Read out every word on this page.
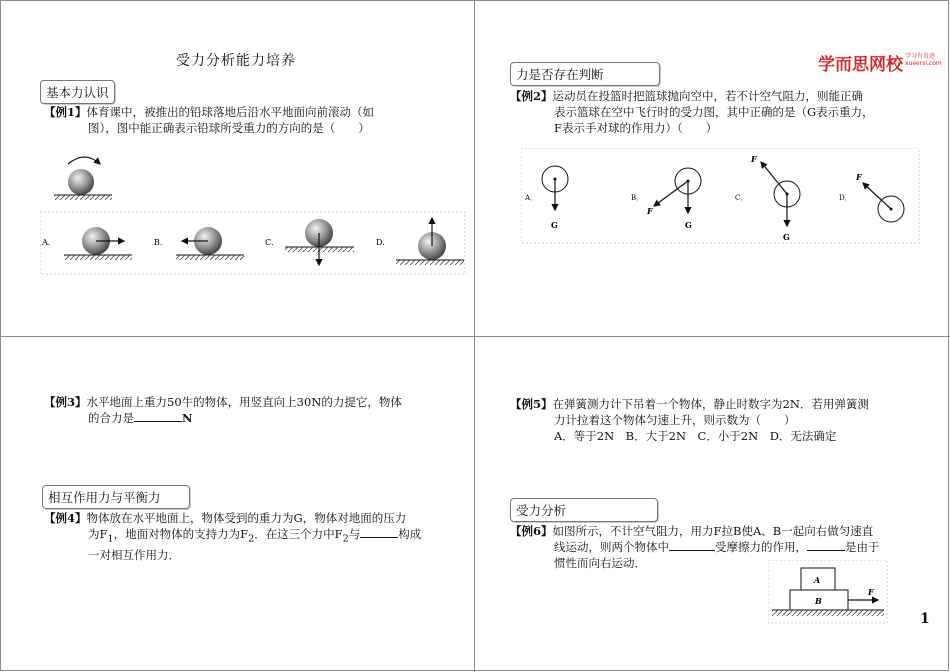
受力分析能力培养
基本力认识
【例1】体育课中，被推出的铅球落地后沿水平地面向前滚动（如
图），图中能正确表示铅球所受重力的方向的是（　　）
A．	B．	C．	D．
学而思网校 学习有奇迹
xueersi.com
力是否存在判断
【例2】运动员在投篮时把篮球抛向空中，若不计空气阻力，则能正确
表示篮球在空中飞行时的受力图，其中正确的是（G表示重力，
F表示手对球的作用力）（　　）
G
F
G
F
G
F
A．	B．	C．	D．
【例3】水平地面上重力50牛的物体，用竖直向上30N的力提它，物体
的合力是	N
相互作用力与平衡力
【例4】物体放在水平地面上，物体受到的重力为G，物体对地面的压力
为$F_1$，地面对物体的支持力为$F_2$．在这三个力中$F_2$与	构成
一对相互作用力．
【例5】在弹簧测力计下吊着一个物体，静止时数字为2N．若用弹簧测
力计拉着这个物体匀速上升，则示数为（　　）
A．等于2N　B．大于2N　C．小于2N　D．无法确定
受力分析
【例6】如图所示，不计空气阻力，用力F拉B使A、B一起向右做匀速直
线运动，则两个物体中	受摩擦力的作用，	是由于
惯性而向右运动．
A
B
F
1
